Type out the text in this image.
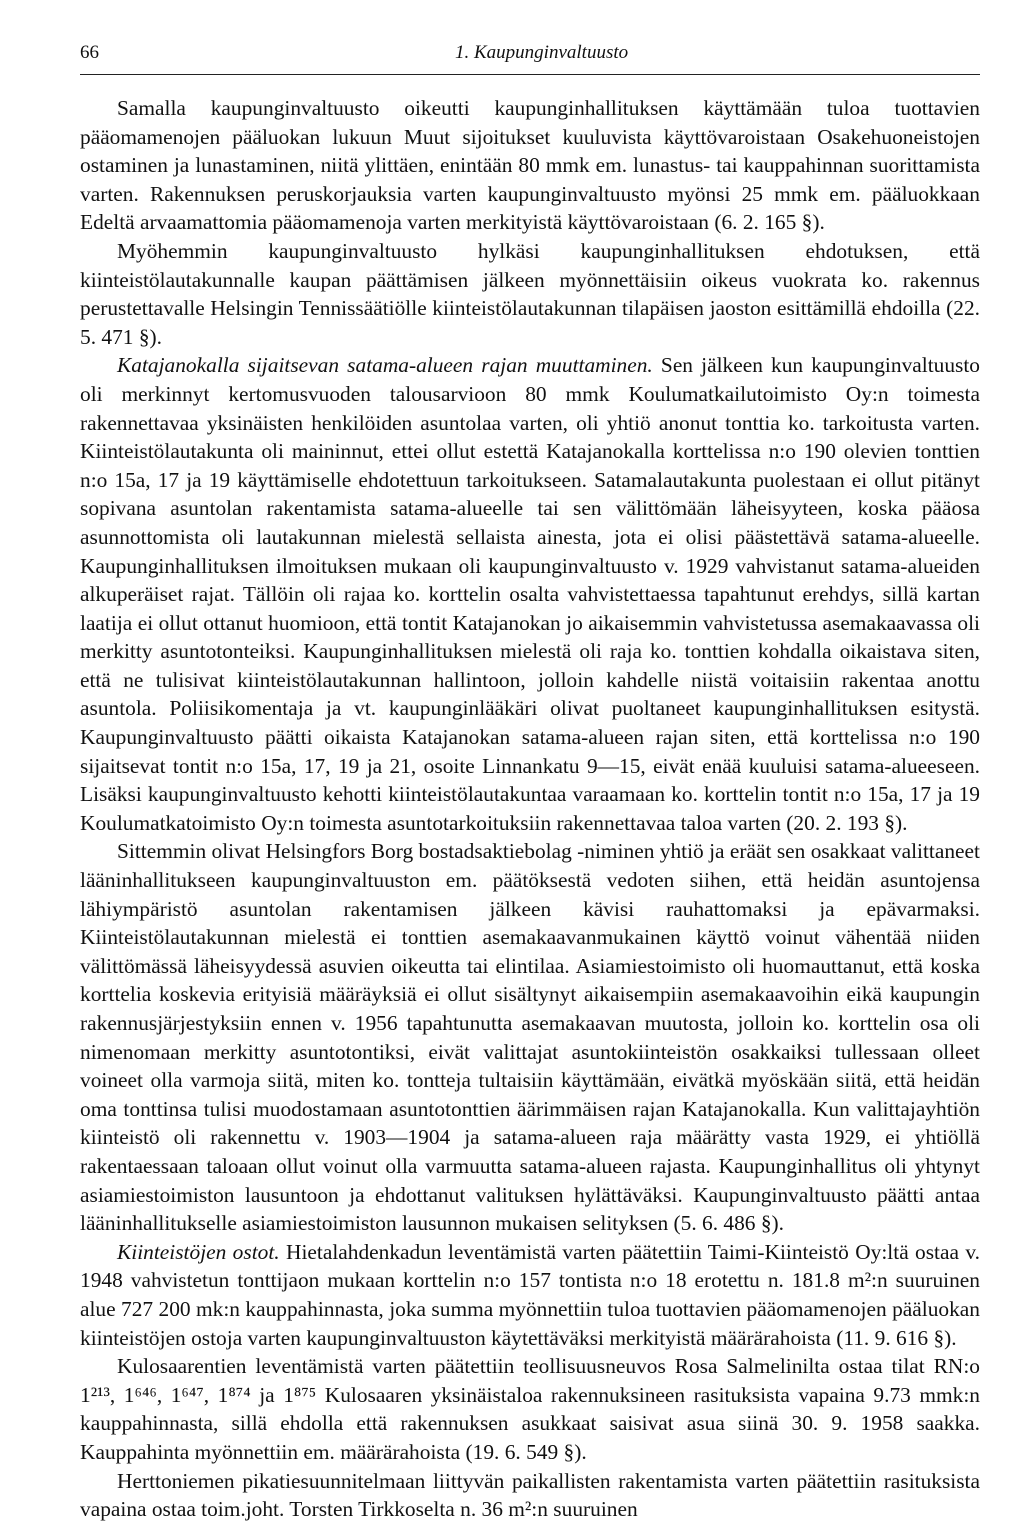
66	1. Kaupunginvaltuusto

Samalla kaupunginvaltuusto oikeutti kaupunginhallituksen käyttämään tuloa tuottavien pääomamenojen pääluokan lukuun Muut sijoitukset kuuluvista käyttövaroistaan Osakehuoneistojen ostaminen ja lunastaminen, niitä ylittäen, enintään 80 mmk em. lunastus- tai kauppahinnan suorittamista varten. Rakennuksen peruskorjauksia varten kaupunginvaltuusto myönsi 25 mmk em. pääluokkaan Edeltä arvaamattomia pääomamenoja varten merkityistä käyttövaroistaan (6. 2. 165 §).

Myöhemmin kaupunginvaltuusto hylkäsi kaupunginhallituksen ehdotuksen, että kiinteistölautakunnalle kaupan päättämisen jälkeen myönnettäisiin oikeus vuokrata ko. rakennus perustettavalle Helsingin Tennissäätiölle kiinteistölautakunnan tilapäisen jaoston esittämillä ehdoilla (22. 5. 471 §).

Katajanokalla sijaitsevan satama-alueen rajan muuttaminen. Sen jälkeen kun kaupunginvaltuusto oli merkinnyt kertomusvuoden talousarvioon 80 mmk Koulumatkailutoimisto Oy:n toimesta rakennettavaa yksinäisten henkilöiden asuntolaa varten, oli yhtiö anonut tonttia ko. tarkoitusta varten. Kiinteistölautakunta oli maininnut, ettei ollut estettä Katajanokalla korttelissa n:o 190 olevien tonttien n:o 15a, 17 ja 19 käyttämiselle ehdotettuun tarkoitukseen. Satamalautakunta puolestaan ei ollut pitänyt sopivana asuntolan rakentamista satama-alueelle tai sen välittömään läheisyyteen, koska pääosa asunnottomista oli lautakunnan mielestä sellaista ainesta, jota ei olisi päästettävä satama-alueelle. Kaupunginhallituksen ilmoituksen mukaan oli kaupunginvaltuusto v. 1929 vahvistanut satama-alueiden alkuperäiset rajat. Tällöin oli rajaa ko. korttelin osalta vahvistettaessa tapahtunut erehdys, sillä kartan laatija ei ollut ottanut huomioon, että tontit Katajanokan jo aikaisemmin vahvistetussa asemakaavassa oli merkitty asuntotonteiksi. Kaupunginhallituksen mielestä oli raja ko. tonttien kohdalla oikaistava siten, että ne tulisivat kiinteistölautakunnan hallintoon, jolloin kahdelle niistä voitaisiin rakentaa anottu asuntola. Poliisikomentaja ja vt. kaupunginlääkäri olivat puoltaneet kaupunginhallituksen esitystä. Kaupunginvaltuusto päätti oikaista Katajanokan satama-alueen rajan siten, että korttelissa n:o 190 sijaitsevat tontit n:o 15a, 17, 19 ja 21, osoite Linnankatu 9—15, eivät enää kuuluisi satama-alueeseen. Lisäksi kaupunginvaltuusto kehotti kiinteistölautakuntaa varaamaan ko. korttelin tontit n:o 15a, 17 ja 19 Koulumatkatoimisto Oy:n toimesta asuntotarkoituksiin rakennettavaa taloa varten (20. 2. 193 §).

Sittemmin olivat Helsingfors Borg bostadsaktiebolag -niminen yhtiö ja eräät sen osakkaat valittaneet lääninhallitukseen kaupunginvaltuuston em. päätöksestä vedoten siihen, että heidän asuntojensa lähiympäristö asuntolan rakentamisen jälkeen kävisi rauhattomaksi ja epävarmaksi. Kiinteistölautakunnan mielestä ei tonttien asemakaavanmukainen käyttö voinut vähentää niiden välittömässä läheisyydessä asuvien oikeutta tai elintilaa. Asiamiestoimisto oli huomauttanut, että koska korttelia koskevia erityisiä määräyksiä ei ollut sisältynyt aikaisempiin asemakaavoihin eikä kaupungin rakennusjärjestyksiin ennen v. 1956 tapahtunutta asemakaavan muutosta, jolloin ko. korttelin osa oli nimenomaan merkitty asuntotontiksi, eivät valittajat asuntokiinteistön osakkaiksi tullessaan olleet voineet olla varmoja siitä, miten ko. tontteja tultaisiin käyttämään, eivätkä myöskään siitä, että heidän oma tonttinsa tulisi muodostamaan asuntotonttien äärimmäisen rajan Katajanokalla. Kun valittajayhtiön kiinteistö oli rakennettu v. 1903—1904 ja satama-alueen raja määrätty vasta 1929, ei yhtiöllä rakentaessaan taloaan ollut voinut olla varmuutta satama-alueen rajasta. Kaupunginhallitus oli yhtynyt asiamiestoimiston lausuntoon ja ehdottanut valituksen hylättäväksi. Kaupunginvaltuusto päätti antaa lääninhallitukselle asiamiestoimiston lausunnon mukaisen selityksen (5. 6. 486 §).

Kiinteistöjen ostot. Hietalahdenkadun leventämistä varten päätettiin Taimi-Kiinteistö Oy:ltä ostaa v. 1948 vahvistetun tonttijaon mukaan korttelin n:o 157 tontista n:o 18 erotettu n. 181.8 m²:n suuruinen alue 727 200 mk:n kauppahinnasta, joka summa myönnettiin tuloa tuottavien pääomamenojen pääluokan kiinteistöjen ostoja varten kaupunginvaltuuston käytettäväksi merkityistä määrärahoista (11. 9. 616 §).

Kulosaarentien leventämistä varten päätettiin teollisuusneuvos Rosa Salmelinilta ostaa tilat RN:o 1²¹³, 1⁶⁴⁶, 1⁶⁴⁷, 1⁸⁷⁴ ja 1⁸⁷⁵ Kulosaaren yksinäistaloa rakennuksineen rasituksista vapaina 9.73 mmk:n kauppahinnasta, sillä ehdolla että rakennuksen asukkaat saisivat asua siinä 30. 9. 1958 saakka. Kauppahinta myönnettiin em. määrärahoista (19. 6. 549 §).

Herttoniemen pikatiesuunnitelmaan liittyvän paikallisten rakentamista varten päätettiin rasituksista vapaina ostaa toim.joht. Torsten Tirkkoselta n. 36 m²:n suuruinen
